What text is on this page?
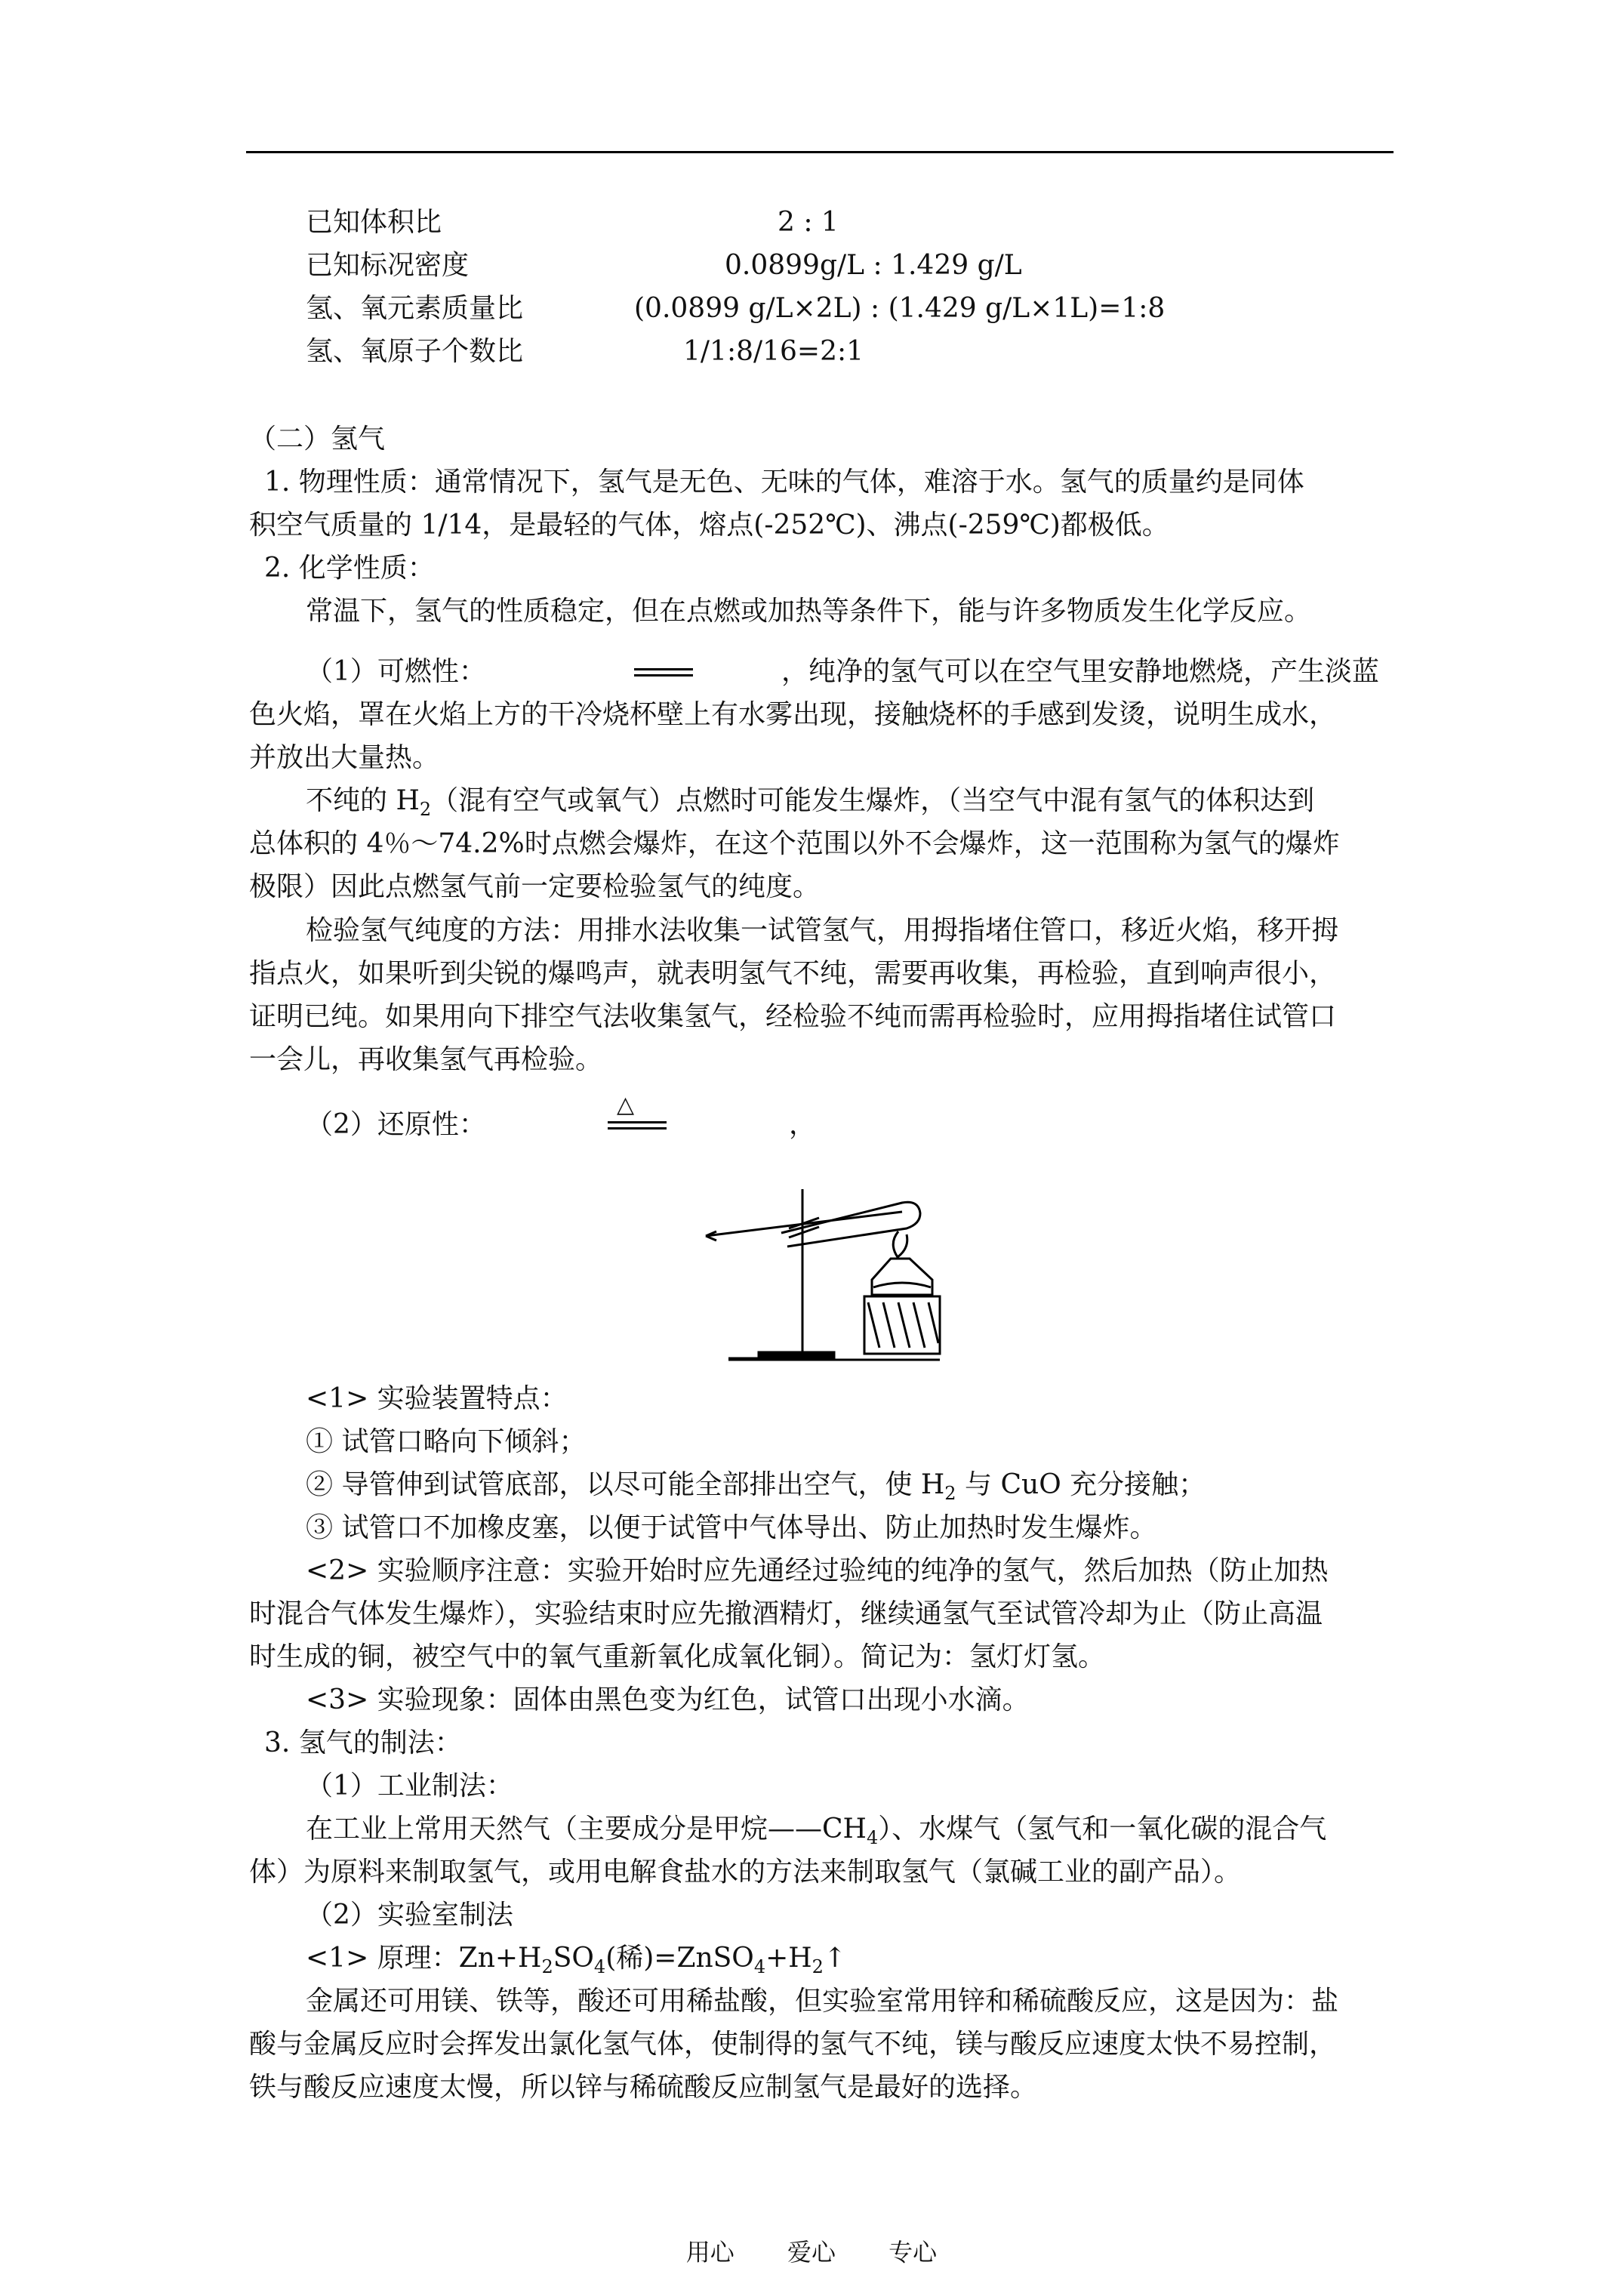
已知体积比	2 : 1
已知标况密度	0.0899g/L : 1.429 g/L
氢、氧元素质量比	(0.0899 g/L×2L) : (1.429 g/L×1L)=1:8
氢、氧原子个数比	1/1:8/16=2:1
（二）氢气
1. 物理性质：通常情况下，氢气是无色、无味的气体，难溶于水。氢气的质量约是同体
积空气质量的 1/14，是最轻的气体，熔点(-252℃)、沸点(-259℃)都极低。
2. 化学性质：
常温下，氢气的性质稳定，但在点燃或加热等条件下，能与许多物质发生化学反应。
（1）可燃性：	，纯净的氢气可以在空气里安静地燃烧，产生淡蓝
色火焰，罩在火焰上方的干冷烧杯壁上有水雾出现，接触烧杯的手感到发烫，说明生成水，
并放出大量热。
不纯的 $H_2$（混有空气或氧气）点燃时可能发生爆炸，（当空气中混有氢气的体积达到
总体积的 4％～74.2%时点燃会爆炸，在这个范围以外不会爆炸，这一范围称为氢气的爆炸
极限）因此点燃氢气前一定要检验氢气的纯度。
检验氢气纯度的方法：用排水法收集一试管氢气，用拇指堵住管口，移近火焰，移开拇
指点火，如果听到尖锐的爆鸣声，就表明氢气不纯，需要再收集，再检验，直到响声很小，
证明已纯。如果用向下排空气法收集氢气，经检验不纯而需再检验时，应用拇指堵住试管口
一会儿，再收集氢气再检验。
（2）还原性：
△
，
<1> 实验装置特点：
① 试管口略向下倾斜；
② 导管伸到试管底部，以尽可能全部排出空气，使 $H_2$ 与 CuO 充分接触；
③ 试管口不加橡皮塞，以便于试管中气体导出、防止加热时发生爆炸。
<2> 实验顺序注意：实验开始时应先通经过验纯的纯净的氢气，然后加热（防止加热
时混合气体发生爆炸），实验结束时应先撤酒精灯，继续通氢气至试管冷却为止（防止高温
时生成的铜，被空气中的氧气重新氧化成氧化铜）。简记为：氢灯灯氢。
<3> 实验现象：固体由黑色变为红色，试管口出现小水滴。
3. 氢气的制法：
（1）工业制法：
在工业上常用天然气（主要成分是甲烷$——CH_4$）、水煤气（氢气和一氧化碳的混合气
体）为原料来制取氢气，或用电解食盐水的方法来制取氢气（氯碱工业的副产品）。
（2）实验室制法
<1> 原理：$Zn+H_2SO_4$(稀)$=ZnSO_4+H_2↑$
金属还可用镁、铁等，酸还可用稀盐酸，但实验室常用锌和稀硫酸反应，这是因为：盐
酸与金属反应时会挥发出氯化氢气体，使制得的氢气不纯，镁与酸反应速度太快不易控制，
铁与酸反应速度太慢，所以锌与稀硫酸反应制氢气是最好的选择。
用心 爱心 专心
